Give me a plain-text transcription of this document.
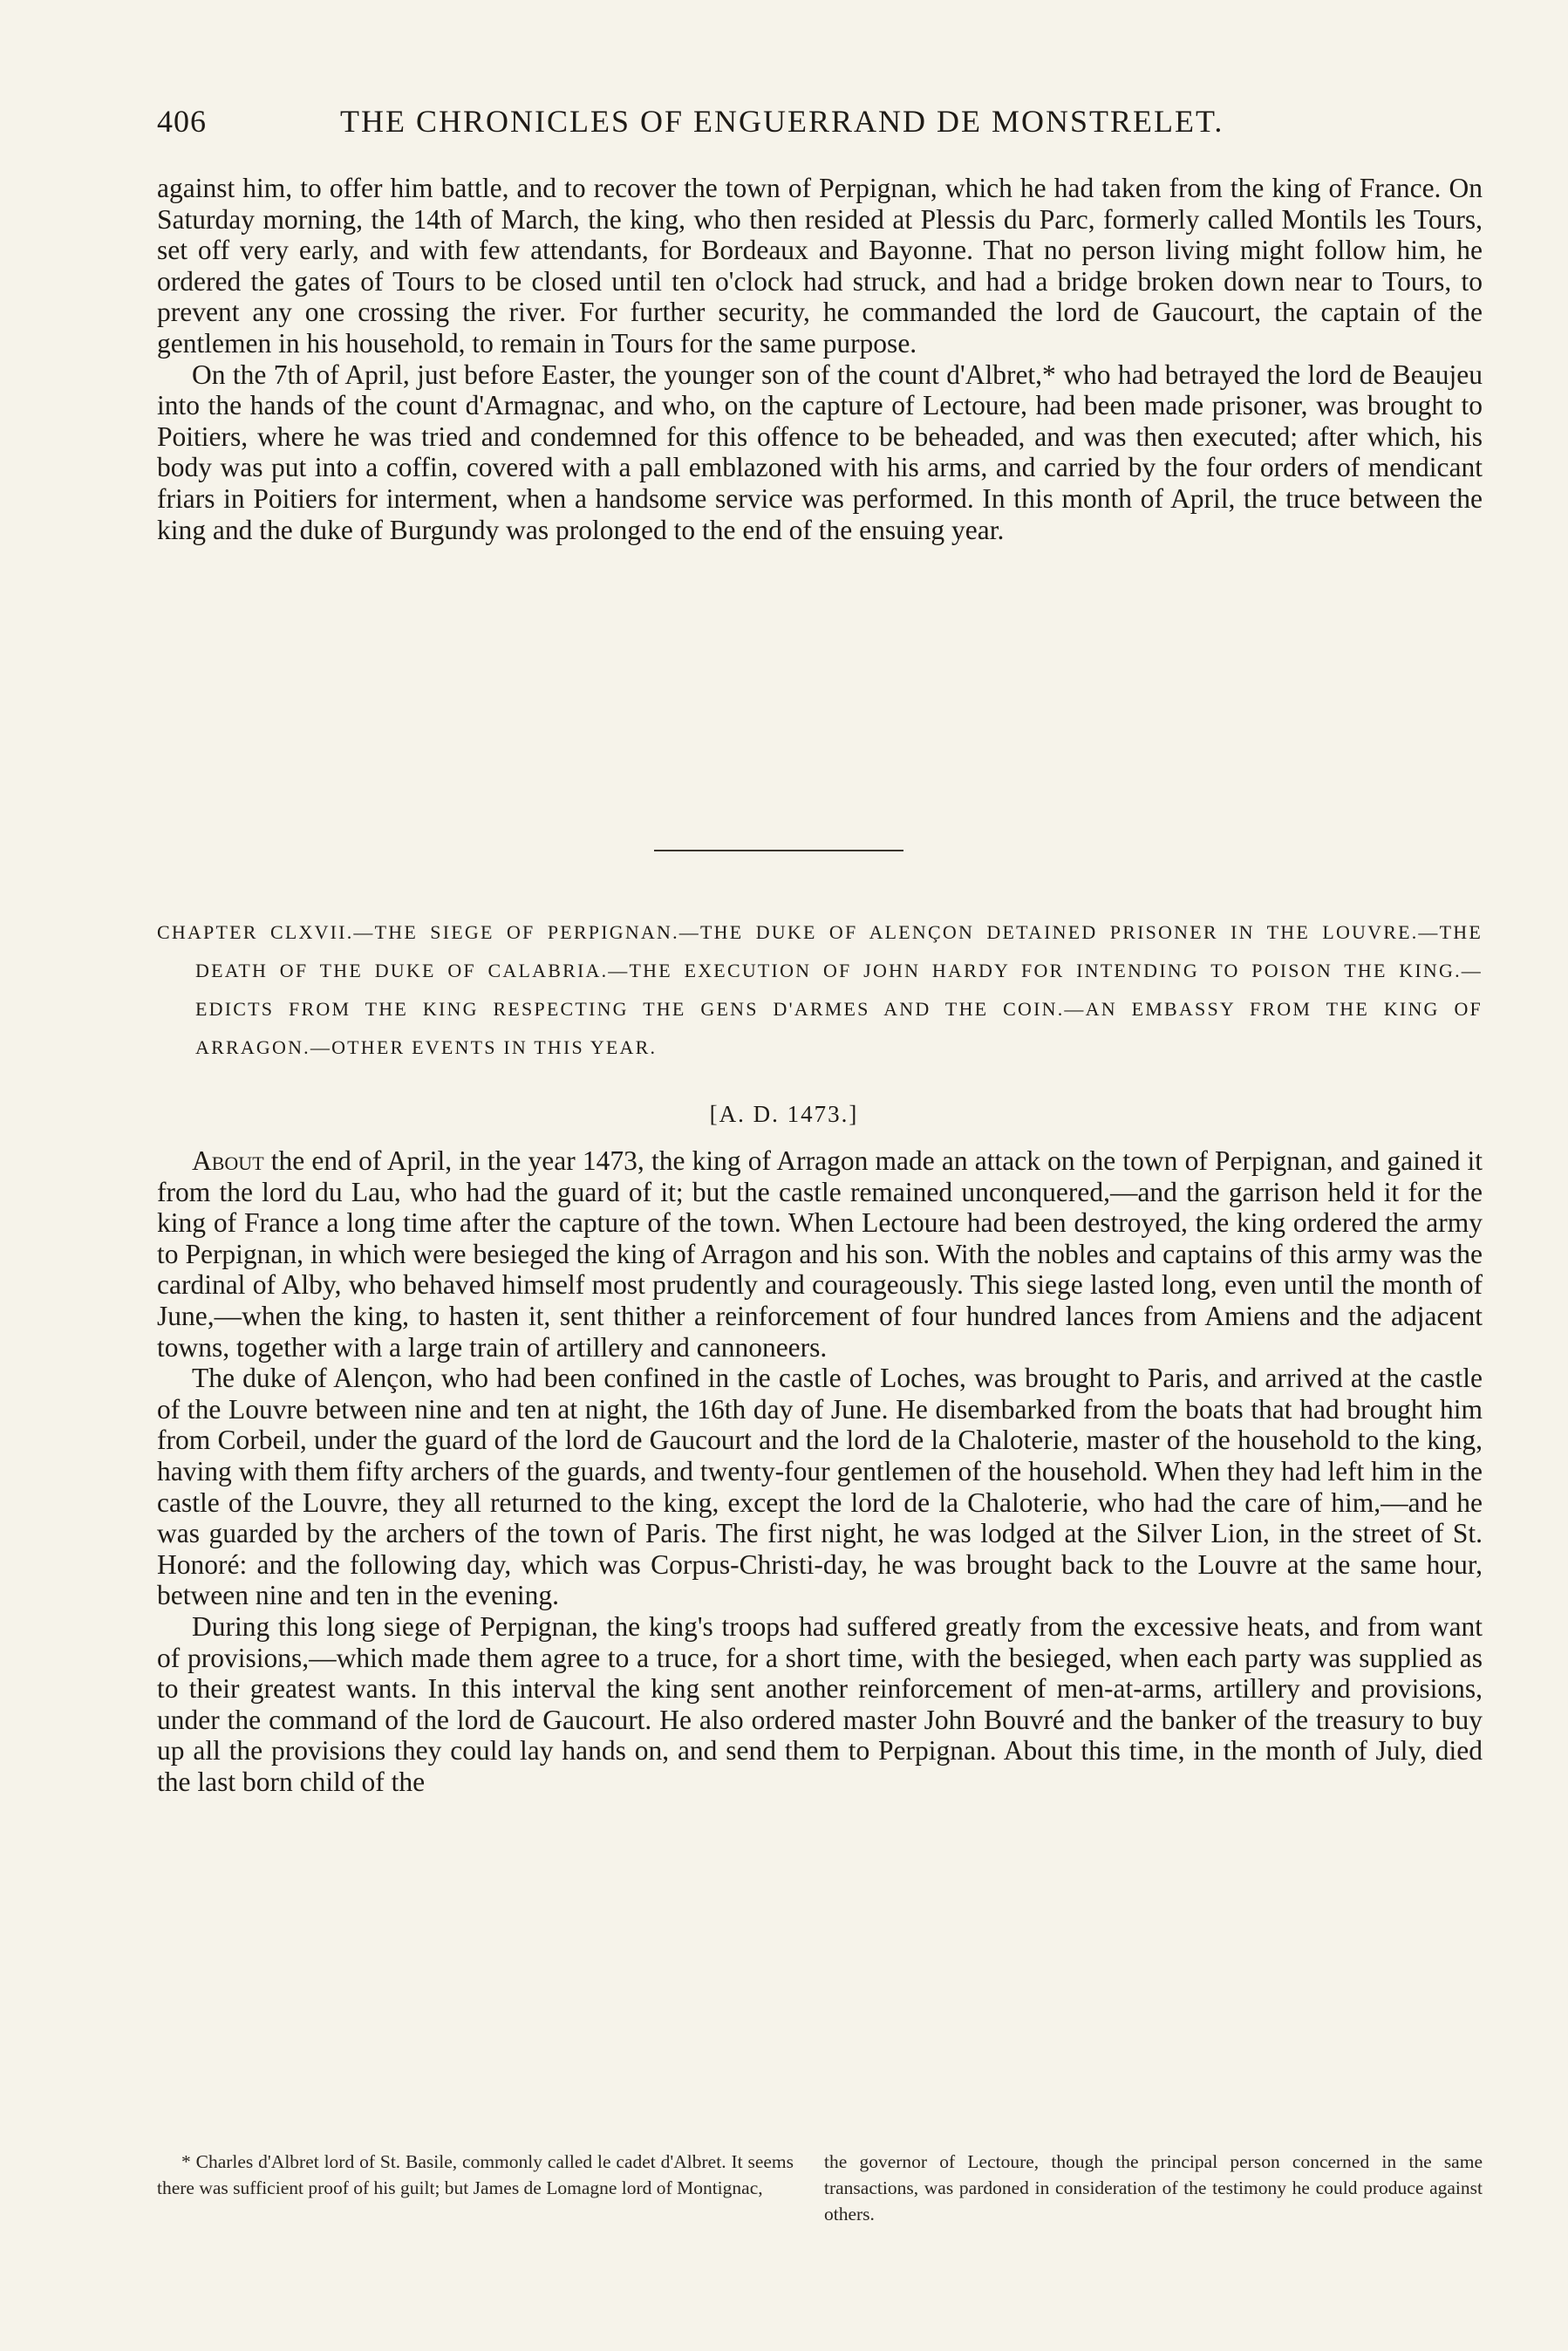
406	THE CHRONICLES OF ENGUERRAND DE MONSTRELET.

against him, to offer him battle, and to recover the town of Perpignan, which he had taken from the king of France. On Saturday morning, the 14th of March, the king, who then resided at Plessis du Parc, formerly called Montils les Tours, set off very early, and with few attendants, for Bordeaux and Bayonne. That no person living might follow him, he ordered the gates of Tours to be closed until ten o'clock had struck, and had a bridge broken down near to Tours, to prevent any one crossing the river. For further security, he commanded the lord de Gaucourt, the captain of the gentlemen in his household, to remain in Tours for the same purpose.

On the 7th of April, just before Easter, the younger son of the count d'Albret,* who had betrayed the lord de Beaujeu into the hands of the count d'Armagnac, and who, on the capture of Lectoure, had been made prisoner, was brought to Poitiers, where he was tried and condemned for this offence to be beheaded, and was then executed; after which, his body was put into a coffin, covered with a pall emblazoned with his arms, and carried by the four orders of mendicant friars in Poitiers for interment, when a handsome service was performed. In this month of April, the truce between the king and the duke of Burgundy was prolonged to the end of the ensuing year.

CHAPTER CLXVII.—THE SIEGE OF PERPIGNAN.—THE DUKE OF ALENÇON DETAINED PRISONER IN THE LOUVRE.—THE DEATH OF THE DUKE OF CALABRIA.—THE EXECUTION OF JOHN HARDY FOR INTENDING TO POISON THE KING.—EDICTS FROM THE KING RESPECTING THE GENS D'ARMES AND THE COIN.—AN EMBASSY FROM THE KING OF ARRAGON.—OTHER EVENTS IN THIS YEAR.
[A. D. 1473.]

About the end of April, in the year 1473, the king of Arragon made an attack on the town of Perpignan, and gained it from the lord du Lau, who had the guard of it; but the castle remained unconquered,—and the garrison held it for the king of France a long time after the capture of the town. When Lectoure had been destroyed, the king ordered the army to Perpignan, in which were besieged the king of Arragon and his son. With the nobles and captains of this army was the cardinal of Alby, who behaved himself most prudently and courageously. This siege lasted long, even until the month of June,—when the king, to hasten it, sent thither a reinforcement of four hundred lances from Amiens and the adjacent towns, together with a large train of artillery and cannoneers.

The duke of Alençon, who had been confined in the castle of Loches, was brought to Paris, and arrived at the castle of the Louvre between nine and ten at night, the 16th day of June. He disembarked from the boats that had brought him from Corbeil, under the guard of the lord de Gaucourt and the lord de la Chaloterie, master of the household to the king, having with them fifty archers of the guards, and twenty-four gentlemen of the household. When they had left him in the castle of the Louvre, they all returned to the king, except the lord de la Chaloterie, who had the care of him,—and he was guarded by the archers of the town of Paris. The first night, he was lodged at the Silver Lion, in the street of St. Honoré: and the following day, which was Corpus-Christi-day, he was brought back to the Louvre at the same hour, between nine and ten in the evening.

During this long siege of Perpignan, the king's troops had suffered greatly from the excessive heats, and from want of provisions,—which made them agree to a truce, for a short time, with the besieged, when each party was supplied as to their greatest wants. In this interval the king sent another reinforcement of men-at-arms, artillery and provisions, under the command of the lord de Gaucourt. He also ordered master John Bouvré and the banker of the treasury to buy up all the provisions they could lay hands on, and send them to Perpignan. About this time, in the month of July, died the last born child of the

* Charles d'Albret lord of St. Basile, commonly called le cadet d'Albret. It seems there was sufficient proof of his guilt; but James de Lomagne lord of Montignac,

the governor of Lectoure, though the principal person concerned in the same transactions, was pardoned in consideration of the testimony he could produce against others.
